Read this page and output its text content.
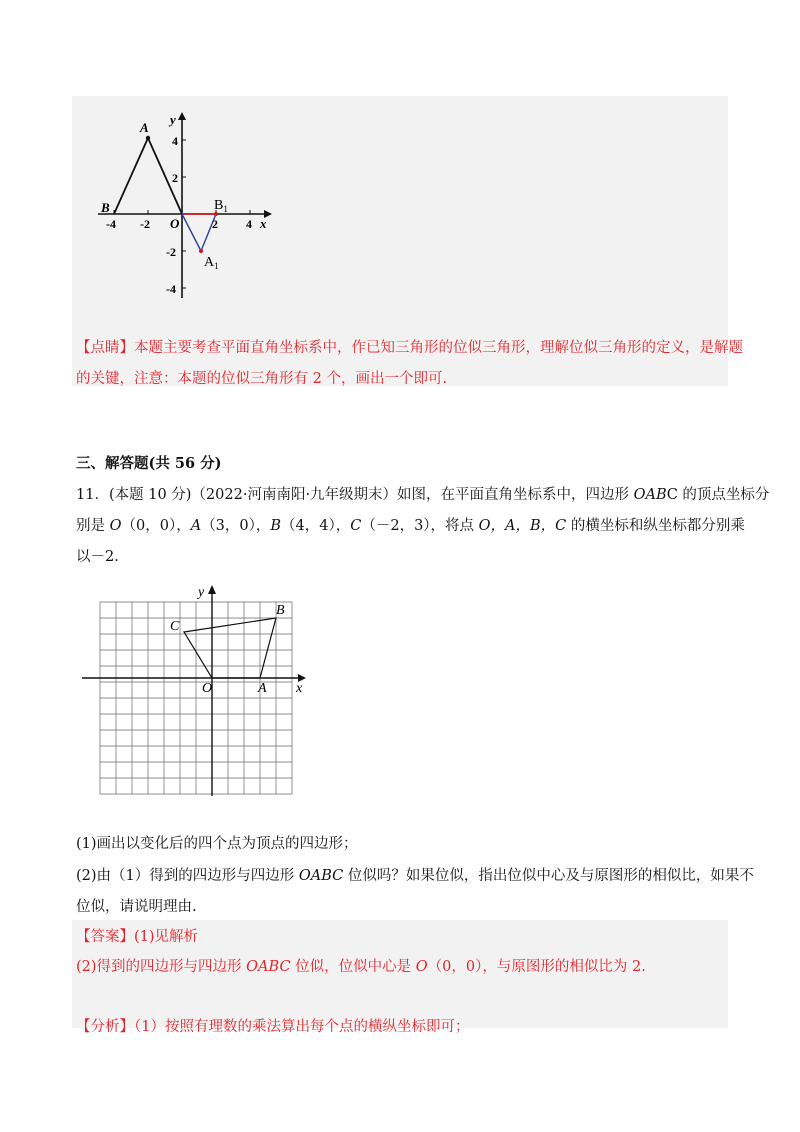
A
B
y
x
O
$B_1$
$A_1$
4
2
-2
-4
-4 -2	2 4
【点睛】本题主要考查平面直角坐标系中，作已知三角形的位似三角形，理解位似三角形的定义，是解题
的关键，注意：本题的位似三角形有 2 个，画出一个即可.
三、解答题(共 56 分)
11．(本题 10 分)（2022·河南南阳·九年级期末）如图，在平面直角坐标系中，四边形 OABC 的顶点坐标分
别是 O（0，0），A（3，0），B（4，4），C（－2，3），将点 O，A，B，C 的横坐标和纵坐标都分别乘
以－2.
y
x
O	A
B
C
(1)画出以变化后的四个点为顶点的四边形；
(2)由（1）得到的四边形与四边形 OABC 位似吗？如果位似，指出位似中心及与原图形的相似比，如果不
位似，请说明理由.
【答案】(1)见解析
(2)得到的四边形与四边形 OABC 位似，位似中心是 O（0，0），与原图形的相似比为 2.
【分析】（1）按照有理数的乘法算出每个点的横纵坐标即可；
